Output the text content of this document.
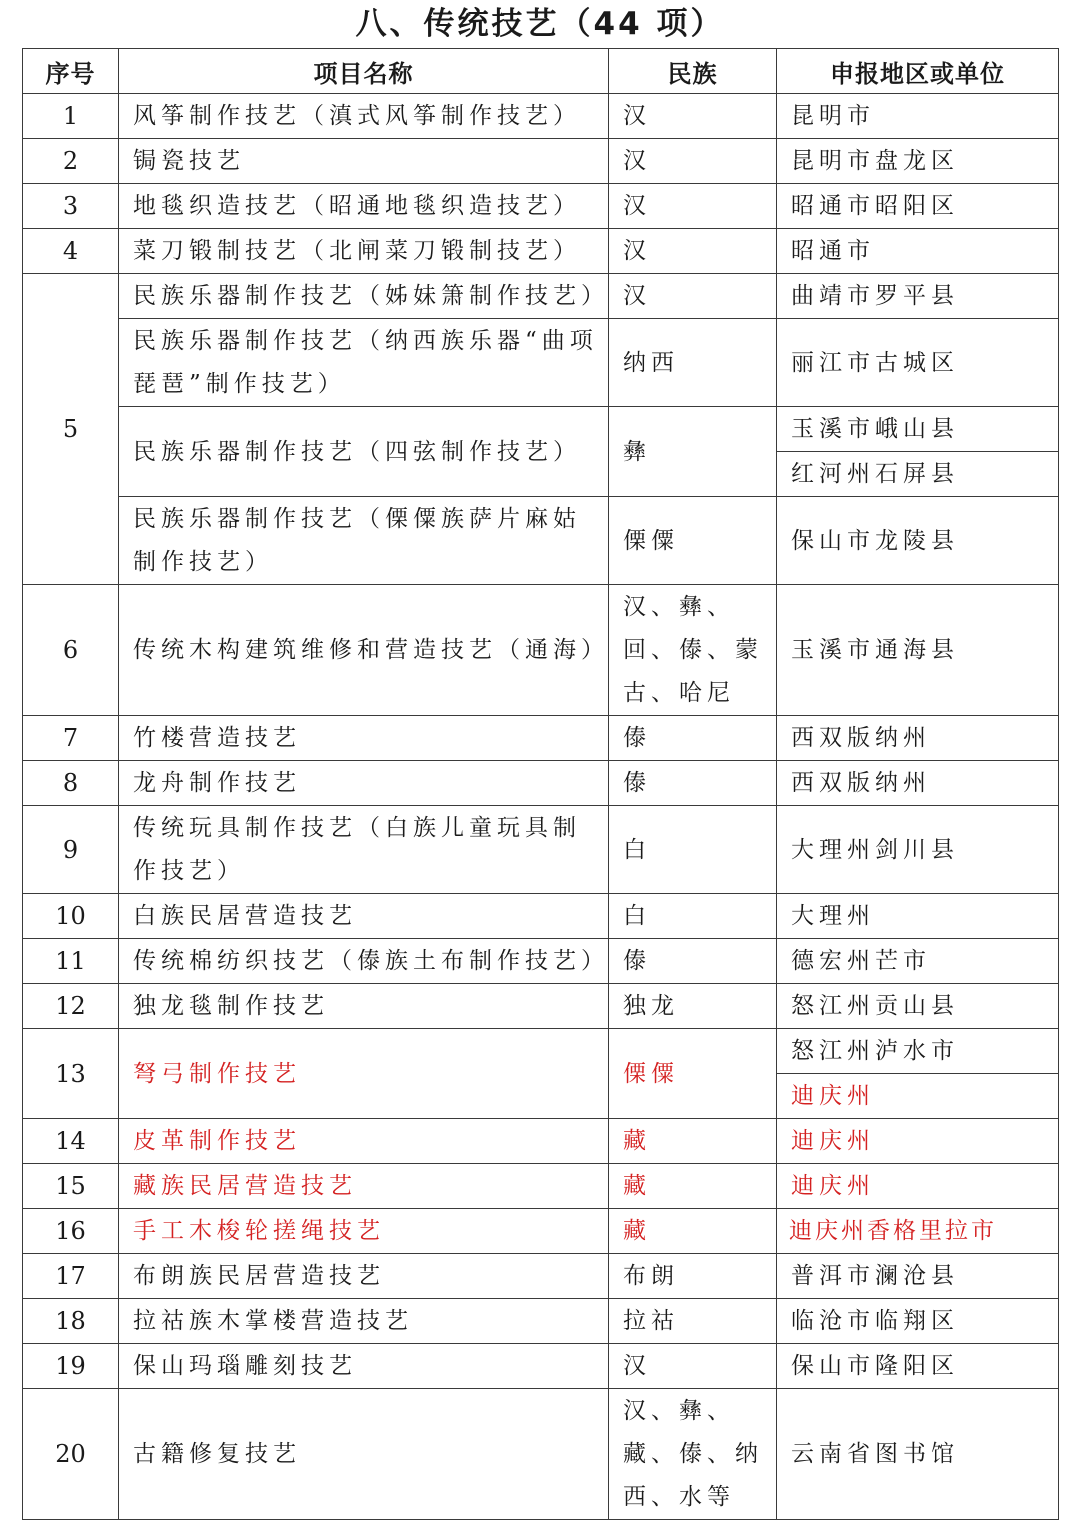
八、传统技艺（44 项）
序号	项目名称	民族	申报地区或单位
1	风筝制作技艺（滇式风筝制作技艺）	汉	昆明市
2	锔瓷技艺	汉	昆明市盘龙区
3	地毯织造技艺（昭通地毯织造技艺）	汉	昭通市昭阳区
4	菜刀锻制技艺（北闸菜刀锻制技艺）	汉	昭通市
5	民族乐器制作技艺（姊妹箫制作技艺）	汉	曲靖市罗平县
	民族乐器制作技艺（纳西族乐器“曲项琵琶”制作技艺）	纳西	丽江市古城区
	民族乐器制作技艺（四弦制作技艺）	彝	玉溪市峨山县
			红河州石屏县
	民族乐器制作技艺（傈僳族萨片麻姑制作技艺）	傈僳	保山市龙陵县

6	传统木构建筑维修和营造技艺（通海）	汉、彝、回、傣、蒙古、哈尼	玉溪市通海县
7	竹楼营造技艺	傣	西双版纳州
8	龙舟制作技艺	傣	西双版纳州
9	传统玩具制作技艺（白族儿童玩具制作技艺）	白	大理州剑川县
10	白族民居营造技艺	白	大理州
11	传统棉纺织技艺（傣族土布制作技艺）	傣	德宏州芒市
12	独龙毯制作技艺	独龙	怒江州贡山县
13	弩弓制作技艺	傈僳	怒江州泸水市
			迪庆州
14	皮革制作技艺	藏	迪庆州
15	藏族民居营造技艺	藏	迪庆州
16	手工木梭轮搓绳技艺	藏	迪庆州香格里拉市
17	布朗族民居营造技艺	布朗	普洱市澜沧县
18	拉祜族木掌楼营造技艺	拉祜	临沧市临翔区
19	保山玛瑙雕刻技艺	汉	保山市隆阳区
20	古籍修复技艺	汉、彝、藏、傣、纳西、水等	云南省图书馆
